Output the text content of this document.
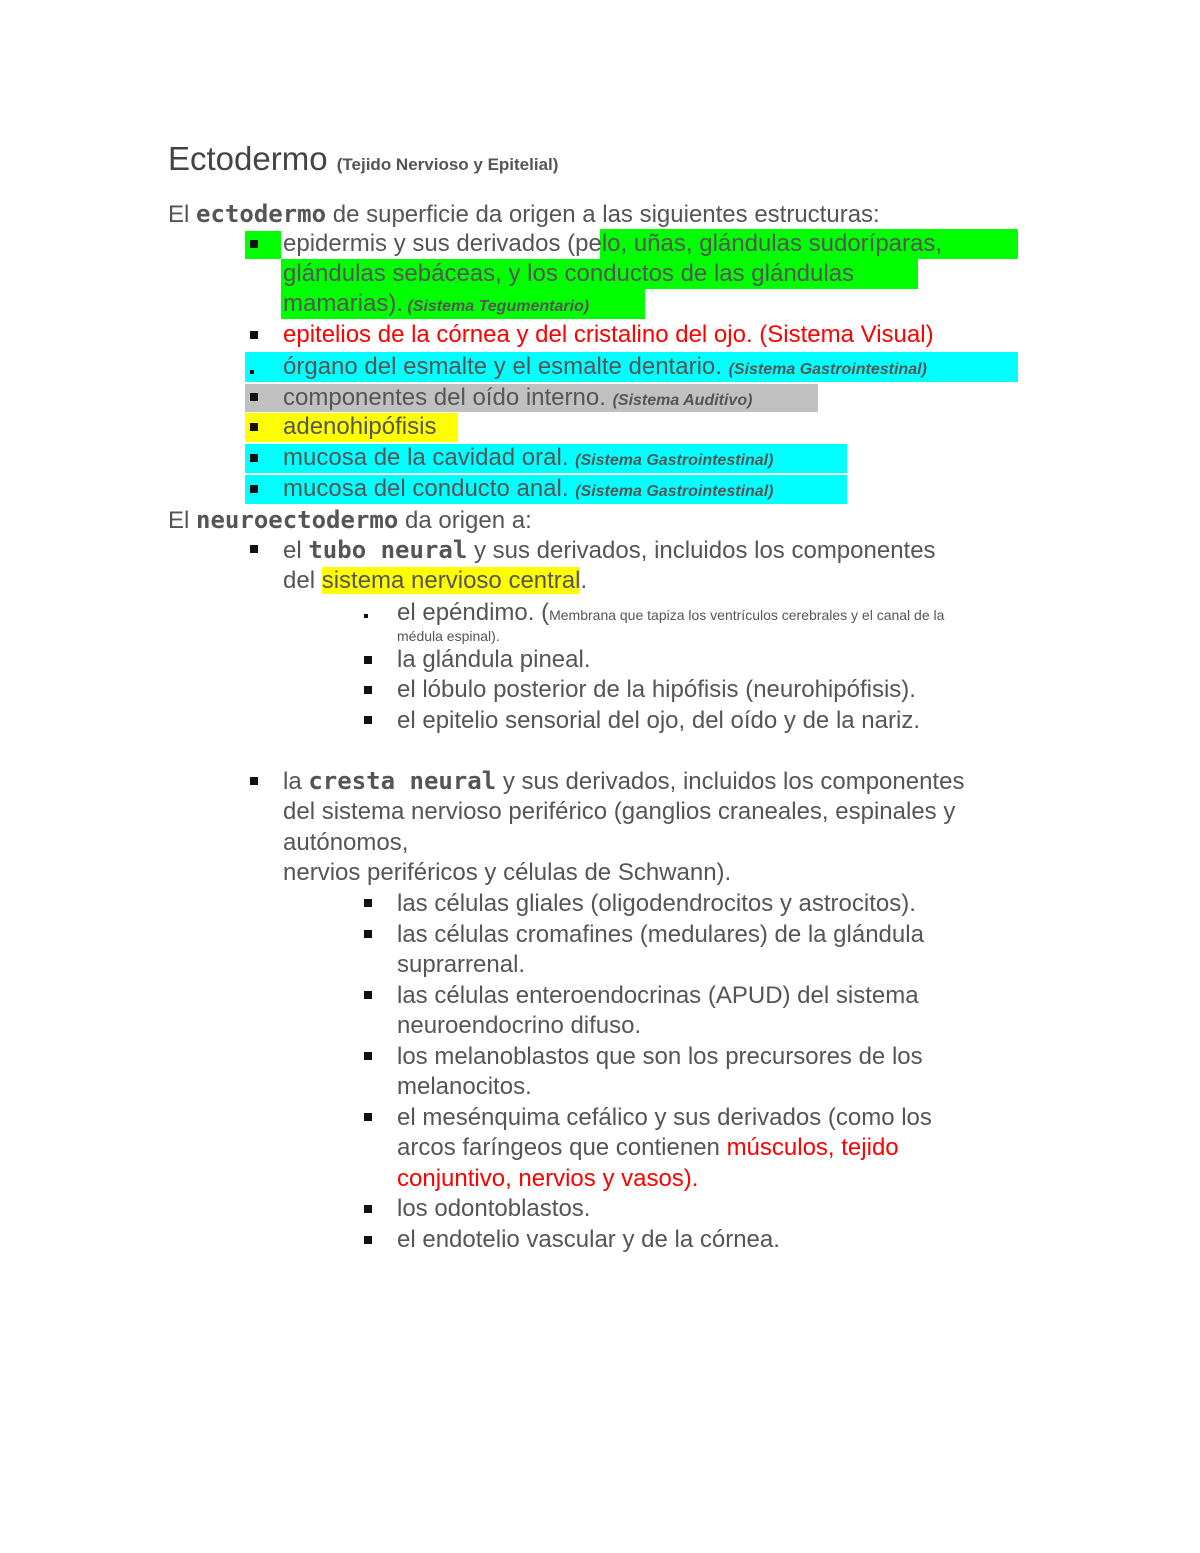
Ectodermo (Tejido Nervioso y Epitelial)
El ectodermo de superficie da origen a las siguientes estructuras:
epidermis y sus derivados (pelo, uñas, glándulas sudoríparas,
glándulas sebáceas, y los conductos de las glándulas
mamarias). (Sistema Tegumentario)
epitelios de la córnea y del cristalino del ojo. (Sistema Visual)
órgano del esmalte y el esmalte dentario. (Sistema Gastrointestinal)
componentes del oído interno. (Sistema Auditivo)
adenohipófisis
mucosa de la cavidad oral. (Sistema Gastrointestinal)
mucosa del conducto anal. (Sistema Gastrointestinal)
El neuroectodermo da origen a:
el tubo neural y sus derivados, incluidos los componentes
del sistema nervioso central.
el epéndimo. (Membrana que tapiza los ventrículos cerebrales y el canal de la
médula espinal).
la glándula pineal.
el lóbulo posterior de la hipófisis (neurohipófisis).
el epitelio sensorial del ojo, del oído y de la nariz.
la cresta neural y sus derivados, incluidos los componentes
del sistema nervioso periférico (ganglios craneales, espinales y
autónomos,
nervios periféricos y células de Schwann).
las células gliales (oligodendrocitos y astrocitos).
las células cromafines (medulares) de la glándula
suprarrenal.
las células enteroendocrinas (APUD) del sistema
neuroendocrino difuso.
los melanoblastos que son los precursores de los
melanocitos.
el mesénquima cefálico y sus derivados (como los
arcos faríngeos que contienen músculos, tejido
conjuntivo, nervios y vasos).
los odontoblastos.
el endotelio vascular y de la córnea.
